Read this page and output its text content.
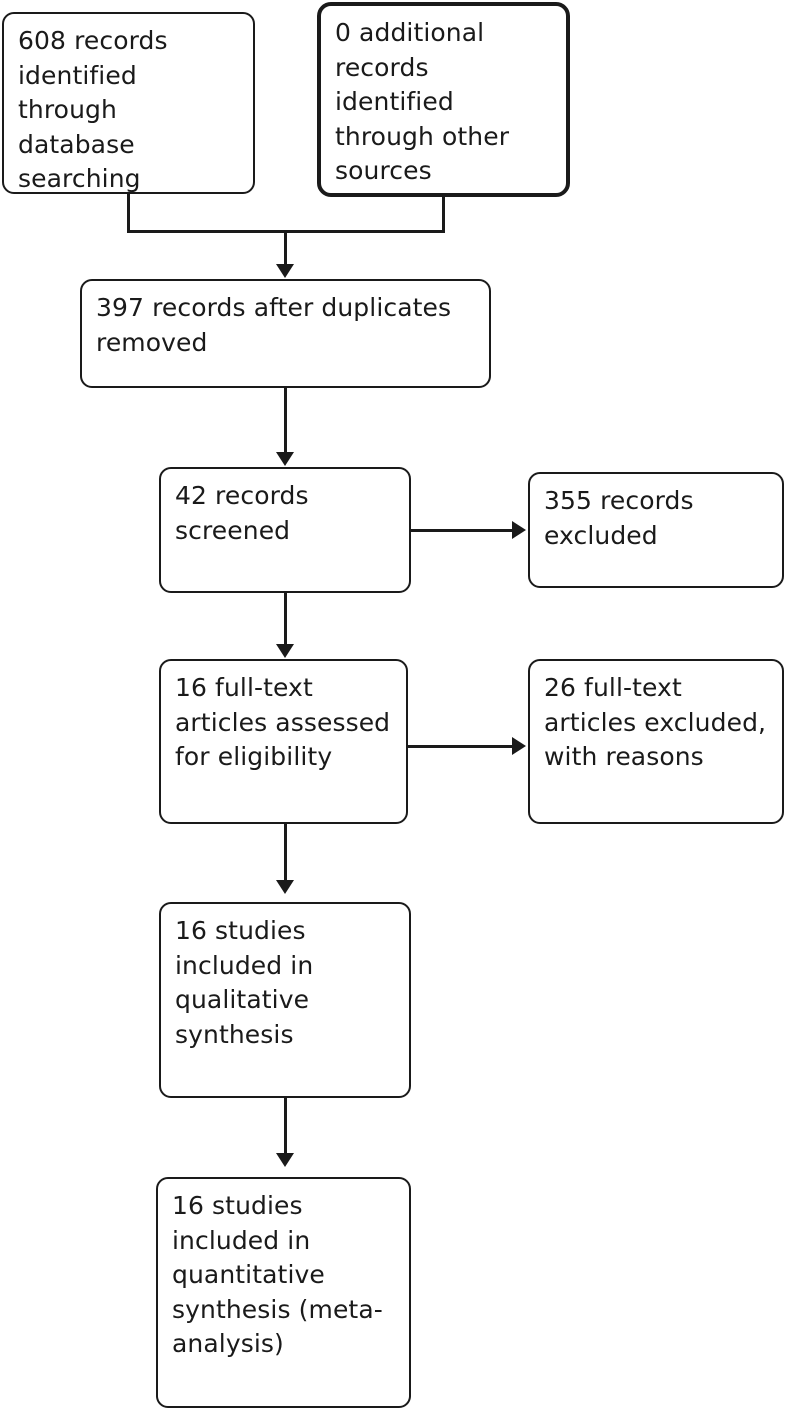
608 records identified through database searching
0 additional records identified through other sources
397 records after duplicates removed
42 records screened
355 records excluded
16 full-text articles assessed for eligibility
26 full-text articles excluded, with reasons
16 studies included in qualitative synthesis
16 studies included in quantitative synthesis (meta-analysis)
